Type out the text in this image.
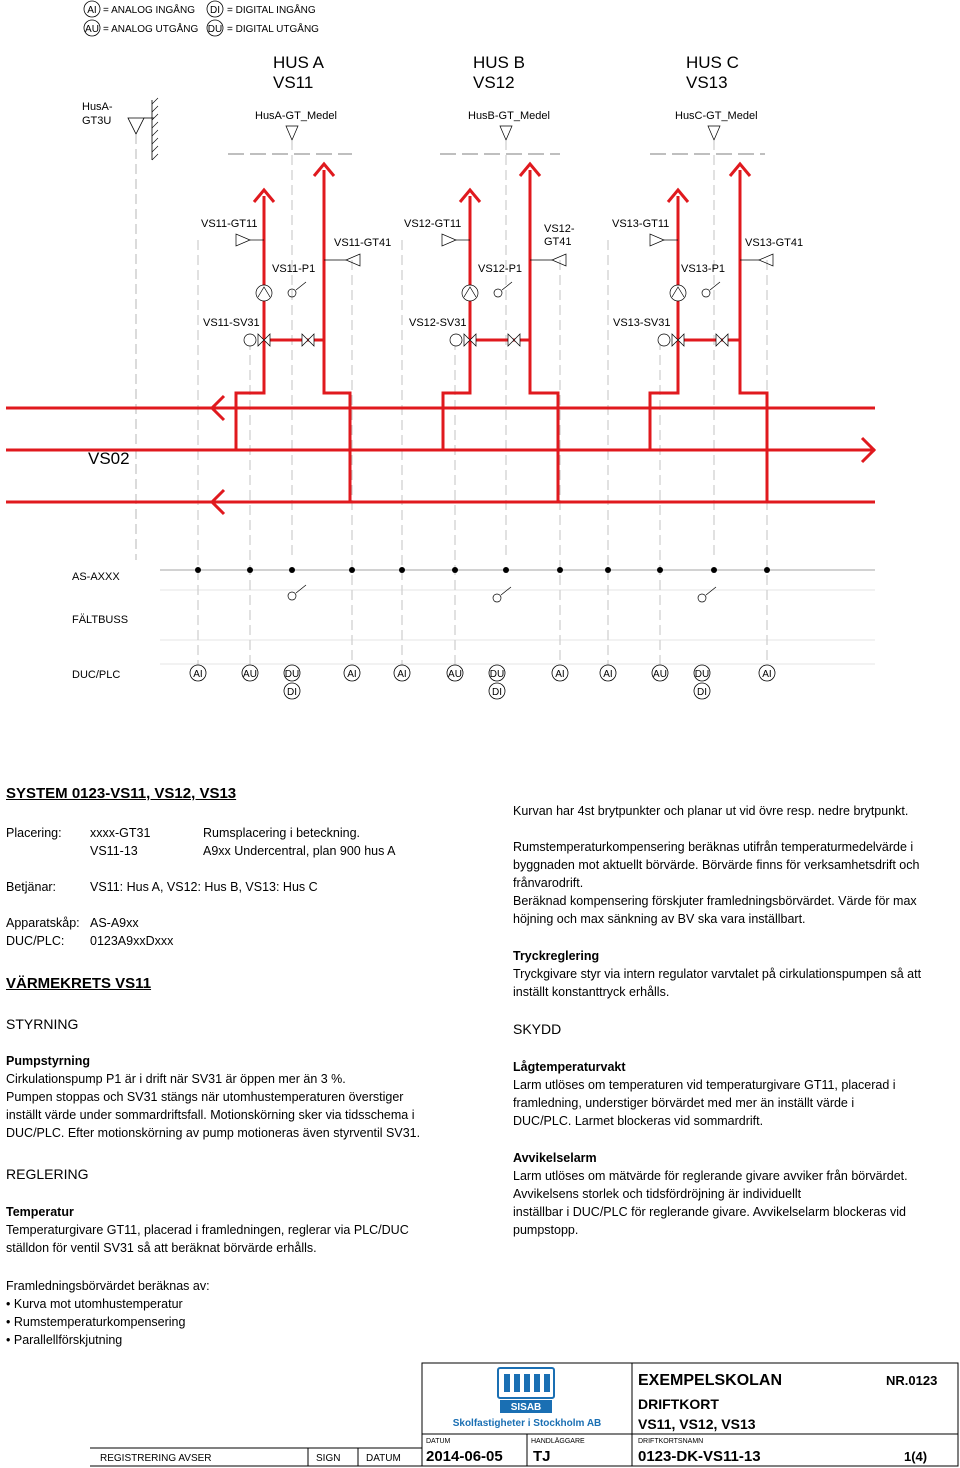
AI = ANALOG INGÅNG DI = DIGITAL INGÅNG
AU = ANALOG UTGÅNG DU = DIGITAL UTGÅNG
HusA-
GT3U
HUS A
VS11
HusA-GT_Medel
HUS B
VS12
HusB-GT_Medel
HUS C
VS13
HusC-GT_Medel
VS11-GT11
VS11-GT41
VS11-P1
VS11-SV31
VS12-GT11	VS12-
GT41
VS12-P1
VS12-SV31
VS13-GT11
VS13-GT41
VS13-P1
VS13-SV31
VS02
AS-AXXX
FÄLTBUSS
DUC/PLC	AI	AU	DU	AI	AI	AU	DU	AI	AI	AU	DU	AI
DI	DI	DI
SYSTEM 0123-VS11, VS12, VS13
Placering: xxxx-GT31	Rumsplacering i beteckning.
VS11-13	A9xx Undercentral, plan 900 hus A
Betjänar:	VS11: Hus A, VS12: Hus B, VS13: Hus C
Apparatskåp: AS-A9xx
DUC/PLC: 0123A9xxDxxx
VÄRMEKRETS VS11
STYRNING
Pumpstyrning
Cirkulationspump P1 är i drift när SV31 är öppen mer än 3 %.
Pumpen stoppas och SV31 stängs när utomhustemperaturen överstiger
inställt värde under sommardriftsfall. Motionskörning sker via tidsschema i
DUC/PLC. Efter motionskörning av pump motioneras även styrventil SV31.
REGLERING
Temperatur
Temperaturgivare GT11, placerad i framledningen, reglerar via PLC/DUC
ställdon för ventil SV31 så att beräknat börvärde erhålls.
Framledningsbörvärdet beräknas av:
• Kurva mot utomhustemperatur
• Rumstemperaturkompensering
• Parallellförskjutning
Kurvan har 4st brytpunkter och planar ut vid övre resp. nedre brytpunkt.
Rumstemperaturkompensering beräknas utifrån temperaturmedelvärde i
byggnaden mot aktuellt börvärde. Börvärde finns för verksamhetsdrift och
frånvarodrift.
Beräknad kompensering förskjuter framledningsbörvärdet. Värde för max
höjning och max sänkning av BV ska vara inställbart.
Tryckreglering
Tryckgivare styr via intern regulator varvtalet på cirkulationspumpen så att
inställt konstanttryck erhålls.
SKYDD
Lågtemperaturvakt
Larm utlöses om temperaturen vid temperaturgivare GT11, placerad i
framledning, understiger börvärdet med mer än inställt värde i
DUC/PLC. Larmet blockeras vid sommardrift.
Avvikelselarm
Larm utlöses om mätvärde för reglerande givare avviker från börvärdet.
Avvikelsens storlek och tidsfördröjning är individuellt
inställbar i DUC/PLC för reglerande givare. Avvikelselarm blockeras vid
pumpstopp.
REGISTRERING AVSER	SIGN	DATUM
SISAB
Skolfastigheter i Stockholm AB
DATUM
2014-06-05
HANDLÄGGARE
TJ
EXEMPELSKOLAN	NR.0123
DRIFTKORT
VS11, VS12, VS13
DRIFTKORTSNAMN
0123-DK-VS11-13	1(4)
